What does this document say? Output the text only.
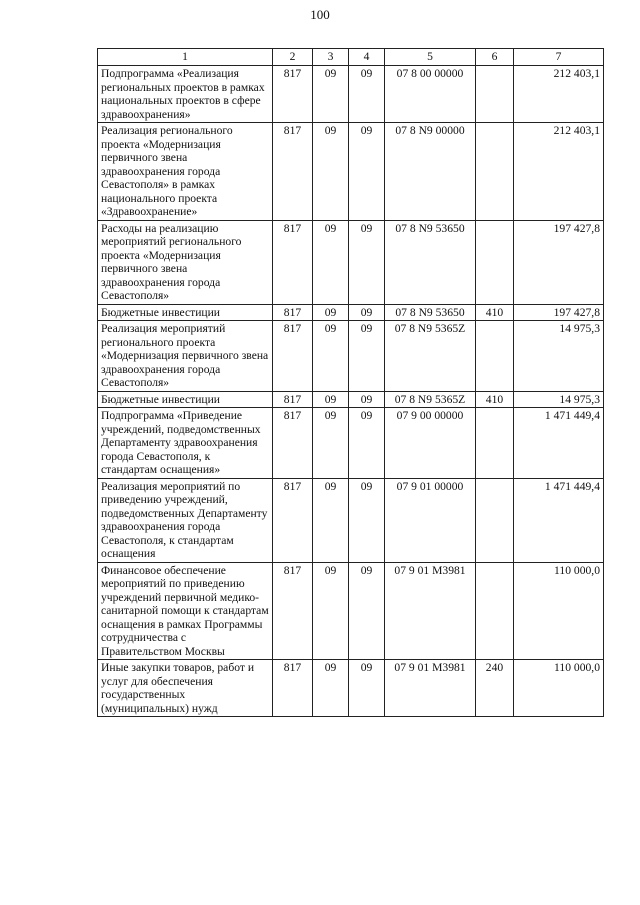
100
1	2	3	4	5	6	7
Подпрограмма «Реализация региональных проектов в рамках национальных проектов в сфере здравоохранения»	817	09	09	07 8 00 00000		212 403,1
Реализация регионального проекта «Модернизация первичного звена здравоохранения города Севастополя» в рамках национального проекта «Здравоохранение»	817	09	09	07 8 N9 00000		212 403,1
Расходы на реализацию мероприятий регионального проекта «Модернизация первичного звена здравоохранения города Севастополя»	817	09	09	07 8 N9 53650		197 427,8
Бюджетные инвестиции	817	09	09	07 8 N9 53650	410	197 427,8
Реализация мероприятий регионального проекта «Модернизация первичного звена здравоохранения города Севастополя»	817	09	09	07 8 N9 5365Z		14 975,3
Бюджетные инвестиции	817	09	09	07 8 N9 5365Z	410	14 975,3
Подпрограмма «Приведение учреждений, подведомственных Департаменту здравоохранения города Севастополя, к стандартам оснащения»	817	09	09	07 9 00 00000		1 471 449,4
Реализация мероприятий по приведению учреждений, подведомственных Департаменту здравоохранения города Севастополя, к стандартам оснащения	817	09	09	07 9 01 00000		1 471 449,4
Финансовое обеспечение мероприятий по приведению учреждений первичной медико-санитарной помощи к стандартам оснащения в рамках Программы сотрудничества с Правительством Москвы	817	09	09	07 9 01 M3981		110 000,0
Иные закупки товаров, работ и услуг для обеспечения государственных (муниципальных) нужд	817	09	09	07 9 01 M3981	240	110 000,0
